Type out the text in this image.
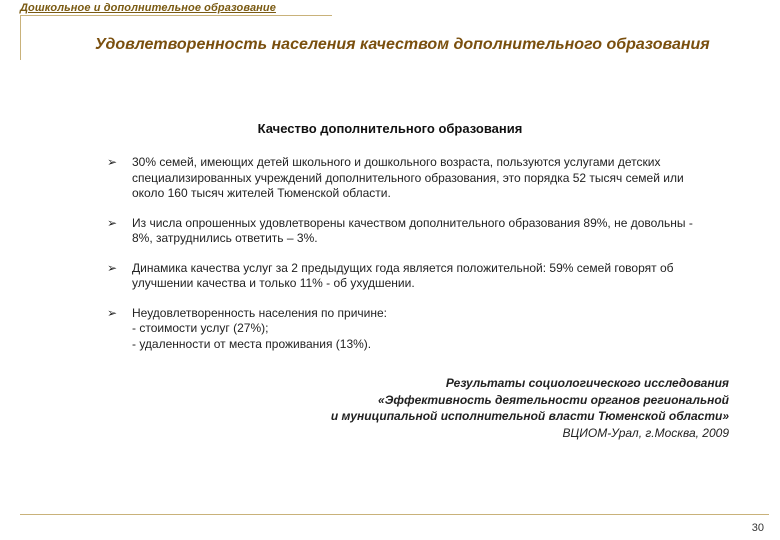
Дошкольное и дополнительное образование
Удовлетворенность населения качеством дополнительного образования
Качество дополнительного образования
➢ 30% семей, имеющих детей школьного и дошкольного возраста, пользуются услугами детских специализированных учреждений дополнительного образования, это порядка 52 тысяч семей или около 160 тысяч жителей Тюменской области.
➢ Из числа опрошенных удовлетворены качеством дополнительного образования 89%, не довольны - 8%, затруднились ответить – 3%.
➢ Динамика качества услуг за 2 предыдущих года является положительной: 59% семей говорят об улучшении качества и только 11% - об ухудшении.
➢ Неудовлетворенность населения по причине:
- стоимости услуг (27%);
- удаленности от места проживания (13%).
Результаты социологического исследования
«Эффективность деятельности органов региональной
и муниципальной исполнительной власти Тюменской области»
ВЦИОМ-Урал, г.Москва, 2009
30
